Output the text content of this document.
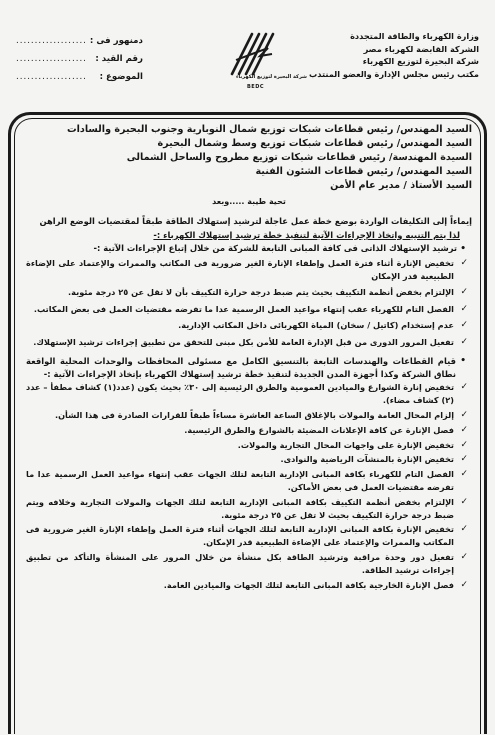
وزارة الكهرباء والطاقة المتجددة
الشركة القابضة لكهرباء مصر
شركة البحيرة لتوزيع الكهرباء
مكتب رئيس مجلس الإدارة والعضو المنتدب
شركة البحيرة لتوزيع الكهرباء
BEDC
دمنهور فى :
...................
رقم القيد :
...................
الموضوع :
...................
السيد المهندس/ رئيس قطاعات شبكات توزيع شمال النوبارية وجنوب البحيرة والسادات
السيد المهندس/ رئيس قطاعات شبكات توزيع وسط وشمال البحيرة
السيدة المهندسة/ رئيس قطاعات شبكات توزيع مطروح والساحل الشمالى
السيد المهندس/ رئيس قطاعات الشئون الفنية
السيد الأستاذ / مدير عام الأمن
تحية طيبة .....وبعد
إيماءاً إلى التكليفات الواردة بوضع خطة عمل عاجلة لترشيد إستهلاك الطاقة طبقاً لمقتضيات الوضع الراهن
لذا يتم التنبيه واتخاذ الإجراءات الآتية لتنفيذ خطة ترشيد إستهلاك الكهرباء :-
• ترشيد الإستهلاك الذاتى فى كافة المبانى التابعة للشركة من خلال إتباع الإجراءات الآتية :-
✓
تخفيض الإنارة أثناء فترة العمل وإطفاء الإنارة الغير ضرورية فى المكاتب والممرات والإعتماد على الإضاءة الطبيعية قدر الإمكان
✓
الإلتزام بخفض أنظمة التكييف بحيث يتم ضبط درجة حرارة التكييف بأن لا تقل عن ٢٥ درجة مئوية.
✓
الفصل التام للكهرباء عقب إنتهاء مواعيد العمل الرسمية عدا ما تفرضه مقتضيات العمل فى بعض المكاتب.
✓
عدم إستخدام (كاتيل / سخان) المياة الكهربائى داخل المكاتب الإدارية.
✓
تفعيل المرور الدورى من قبل الإدارة العامة للأمن بكل مبنى للتحقق من تطبيق إجراءات ترشيد الإستهلاك.
•
قيام القطاعات والهندسات التابعة بالتنسيق الكامل مع مسئولى المحافظات والوحدات المحلية الواقعة نطاق الشركة وكذا أجهزة المدن الجديدة لتنفيذ خطة ترشيد إستهلاك الكهرباء بإتخاذ الإجراءات الآتية :-
✓
تخفيض إنارة الشوارع والميادين العمومية والطرق الرئيسية إلى ٣٠٪ بحيث يكون (عدد(١) كشاف مطفأ – عدد (٢) كشاف مضاء).
✓
إلزام المحال العامة والمولات بالإغلاق الساعة العاشرة مساءاً طبقاً للقرارات الصادرة فى هذا الشأن.
✓
فصل الإنارة عن كافة الإعلانات المضيئة بالشوارع والطرق الرئيسية.
✓
تخفيض الإنارة على واجهات المحال التجارية والمولات.
✓
تخفيض الإنارة بالمنشآت الرياضية والنوادى.
✓
الفصل التام للكهرباء بكافة المبانى الإدارية التابعة لتلك الجهات عقب إنتهاء مواعيد العمل الرسمية عدا ما تفرضه مقتضيات العمل فى بعض الأماكن.
✓
الإلتزام بخفض أنظمة التكييف بكافة المبانى الإدارية التابعة لتلك الجهات والمولات التجارية وخلافه ويتم ضبط درجة حرارة التكييف بحيث لا تقل عن ٢٥ درجة مئوية.
✓
تخفيض الإنارة بكافة المبانى الإدارية التابعة لتلك الجهات أثناء فترة العمل وإطفاء الإنارة الغير ضرورية فى المكاتب والممرات والإعتماد على الإضاءة الطبيعية قدر الإمكان.
✓
تفعيل دور وحدة مراقبة وترشيد الطاقة بكل منشأة من خلال المرور على المنشأة والتأكد من تطبيق إجراءات ترشيد الطاقة.
✓
فصل الإنارة الخارجية بكافة المبانى التابعة لتلك الجهات والميادين العامة.
